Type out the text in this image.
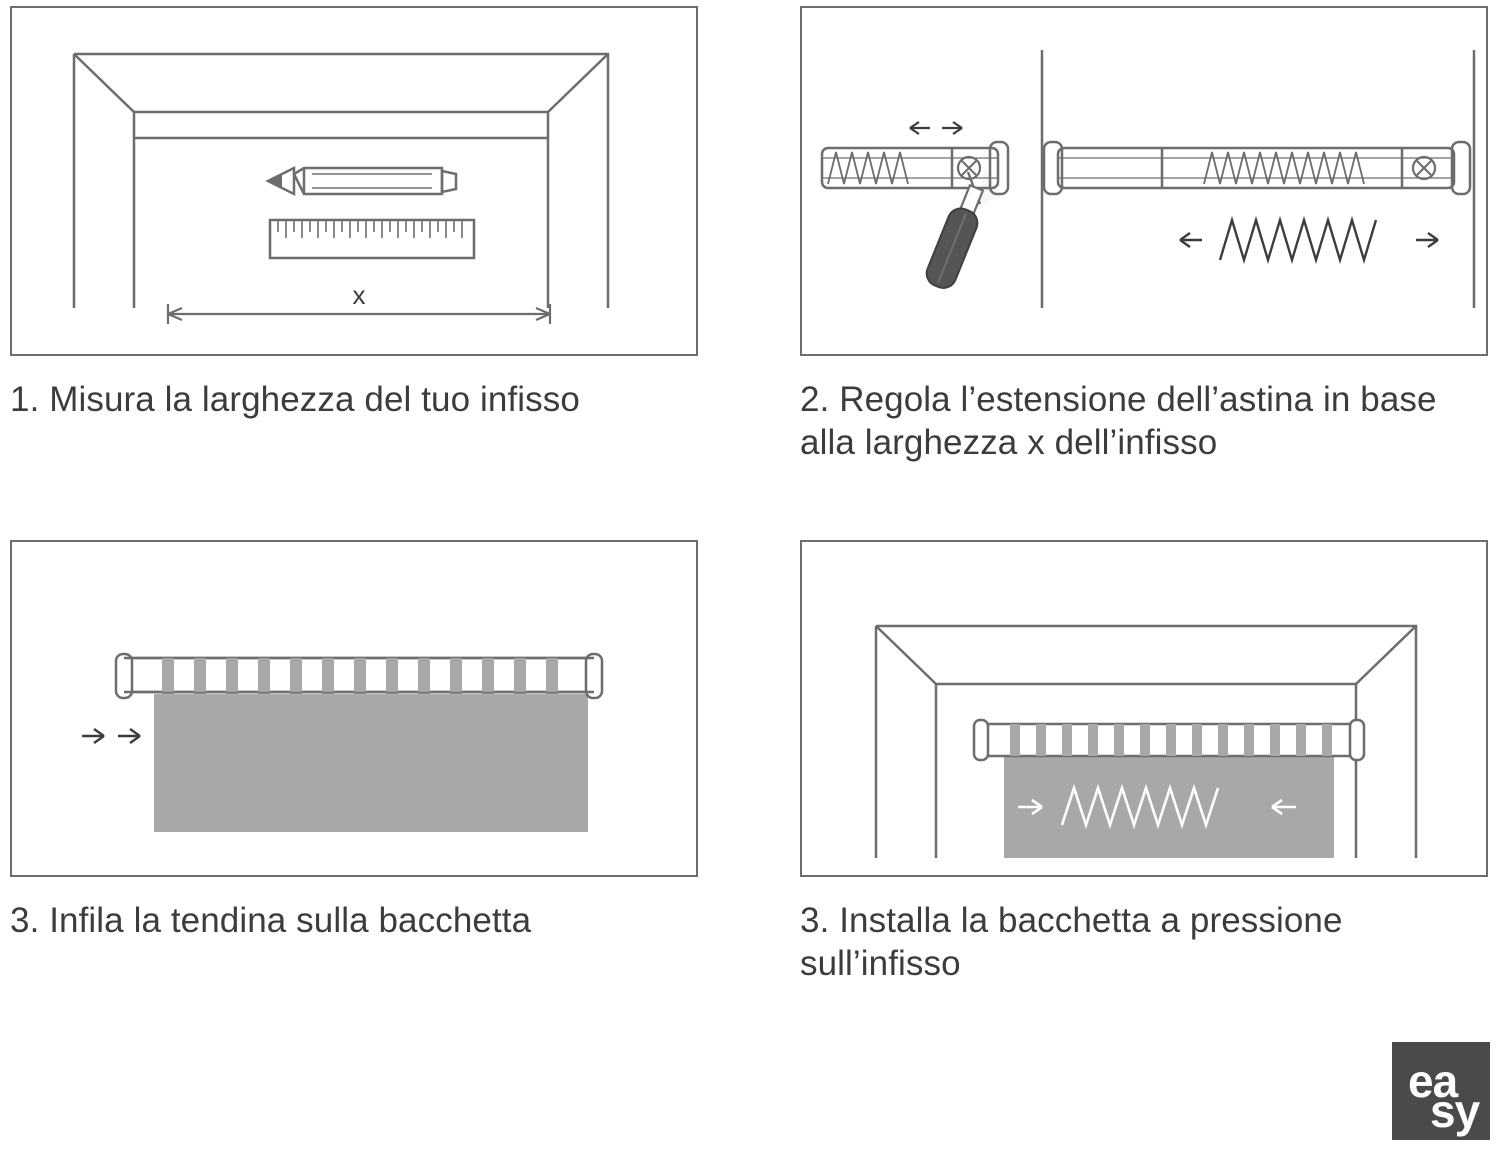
x
1. Misura la larghezza del tuo infisso	2. Regola l’estensione dell’astina in base alla larghezza x dell’infisso
3. Infila la tendina sulla bacchetta	3. Installa la bacchetta a pressione sull’infisso
ea
sy
